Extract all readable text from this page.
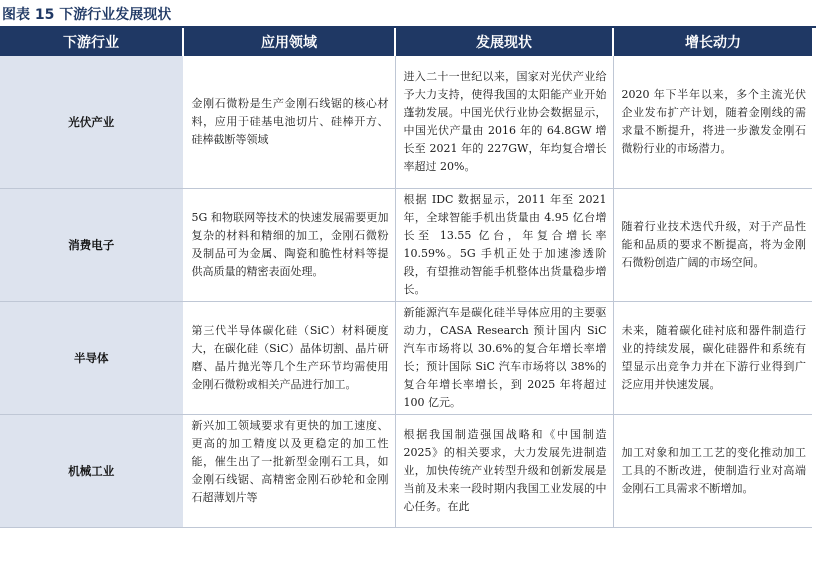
图表 15 下游行业发展现状
下游行业	应用领域	发展现状	增长动力
光伏产业	金刚石微粉是生产金刚石线锯的核心材料，应用于硅基电池切片、硅棒开方、硅棒截断等领域	进入二十一世纪以来，国家对光伏产业给予大力支持，使得我国的太阳能产业开始蓬勃发展。中国光伏行业协会数据显示，中国光伏产量由 2016 年的 64.8GW 增长至 2021 年的 227GW，年均复合增长率超过 20%。	2020 年下半年以来，多个主流光伏企业发布扩产计划，随着金刚线的需求量不断提升，将进一步激发金刚石微粉行业的市场潜力。

消费电子	5G 和物联网等技术的快速发展需要更加复杂的材料和精细的加工，金刚石微粉及制品可为金属、陶瓷和脆性材料等提供高质量的精密表面处理。	根据 IDC 数据显示，2011 年至 2021 年，全球智能手机出货量由 4.95 亿台增长至 13.55 亿台，年复合增长率 10.59%。5G 手机正处于加速渗透阶段，有望推动智能手机整体出货量稳步增长。	随着行业技术迭代升级，对于产品性能和品质的要求不断提高，将为金刚石微粉创造广阔的市场空间。

半导体	第三代半导体碳化硅（SiC）材料硬度大，在碳化硅（SiC）晶体切割、晶片研磨、晶片抛光等几个生产环节均需使用金刚石微粉或相关产品进行加工。	新能源汽车是碳化硅半导体应用的主要驱动力，CASA Research 预计国内 SiC 汽车市场将以 30.6%的复合年增长率增长；预计国际 SiC 汽车市场将以 38%的复合年增长率增长，到 2025 年将超过 100 亿元。	未来，随着碳化硅衬底和器件制造行业的持续发展，碳化硅器件和系统有望显示出竞争力并在下游行业得到广泛应用并快速发展。

机械工业	新兴加工领域要求有更快的加工速度、更高的加工精度以及更稳定的加工性能，催生出了一批新型金刚石工具，如金刚石线锯、高精密金刚石砂轮和金刚石超薄划片等	根据我国制造强国战略和《中国制造 2025》的相关要求，大力发展先进制造业，加快传统产业转型升级和创新发展是当前及未来一段时期内我国工业发展的中心任务。在此	加工对象和加工工艺的变化推动加工工具的不断改进，使制造行业对高端金刚石工具需求不断增加。
